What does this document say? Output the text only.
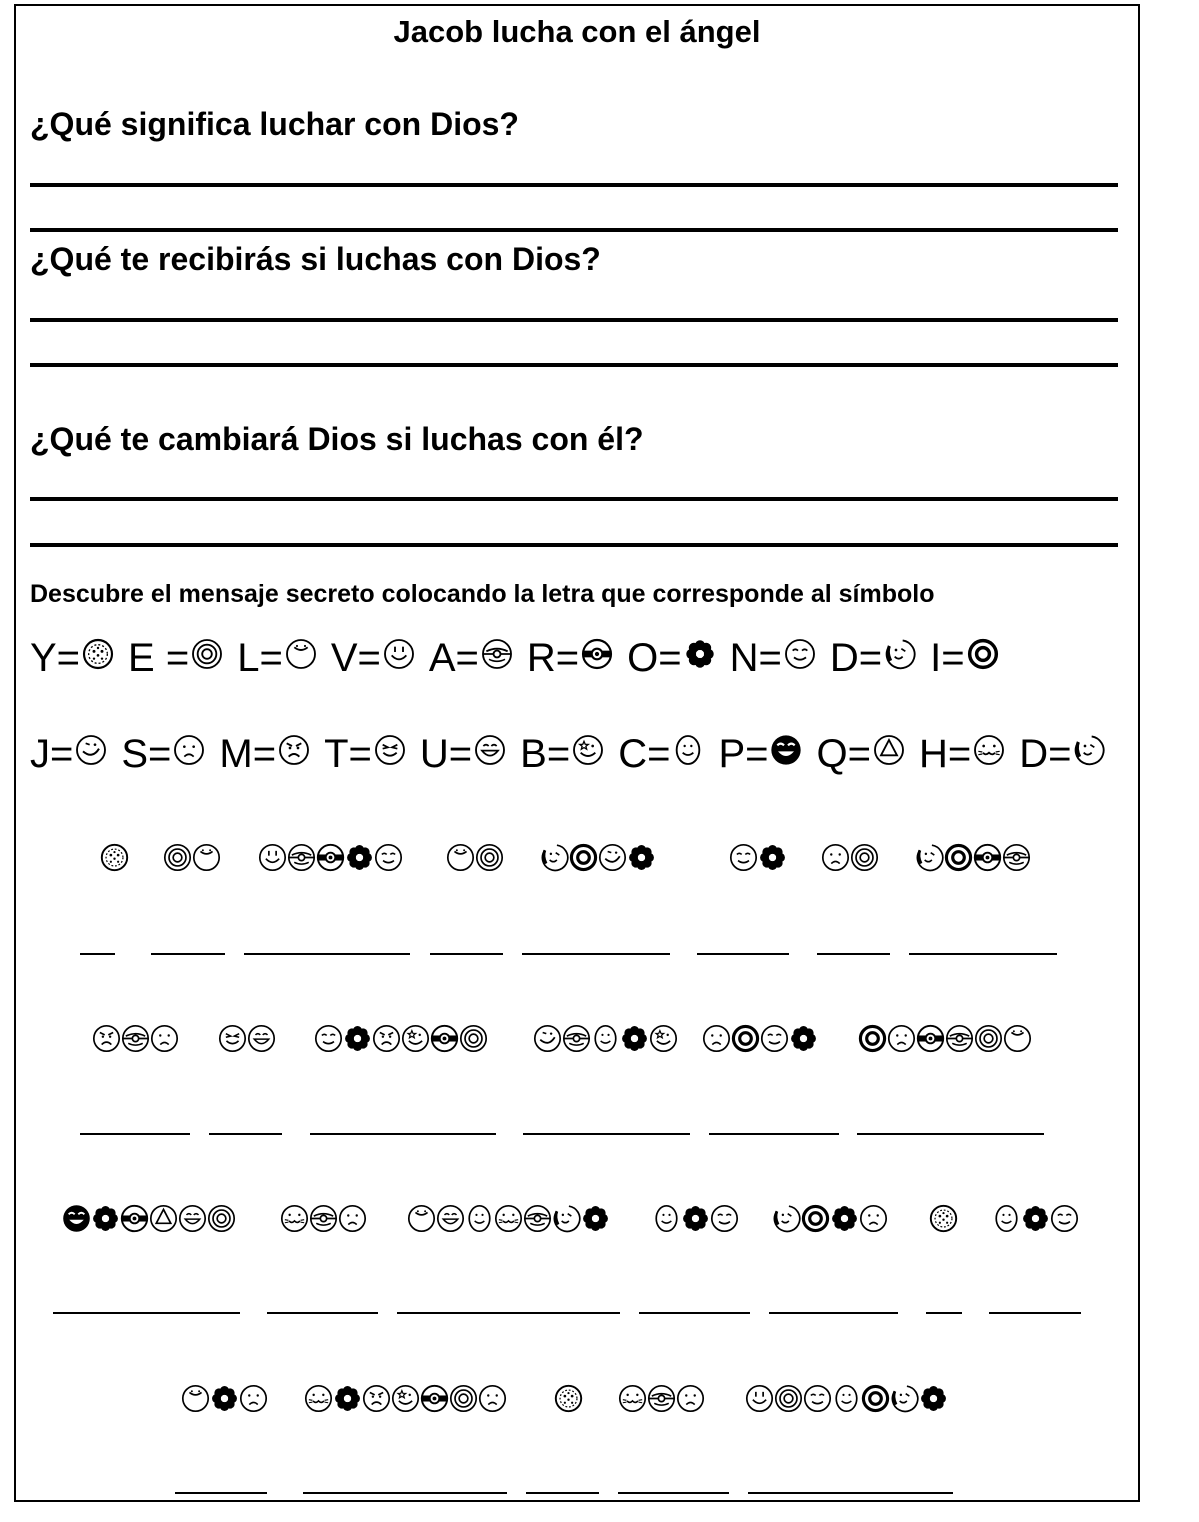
Jacob lucha con el ángel
¿Qué significa luchar con Dios?
¿Qué te recibirás si luchas con Dios?
¿Qué te cambiará Dios si luchas con él?
Descubre el mensaje secreto colocando la letra que corresponde al símbolo
Y= E = L= V= A= R= O= N= D= I=
J= S= M= T= U= B= C= P= Q= H= D=
